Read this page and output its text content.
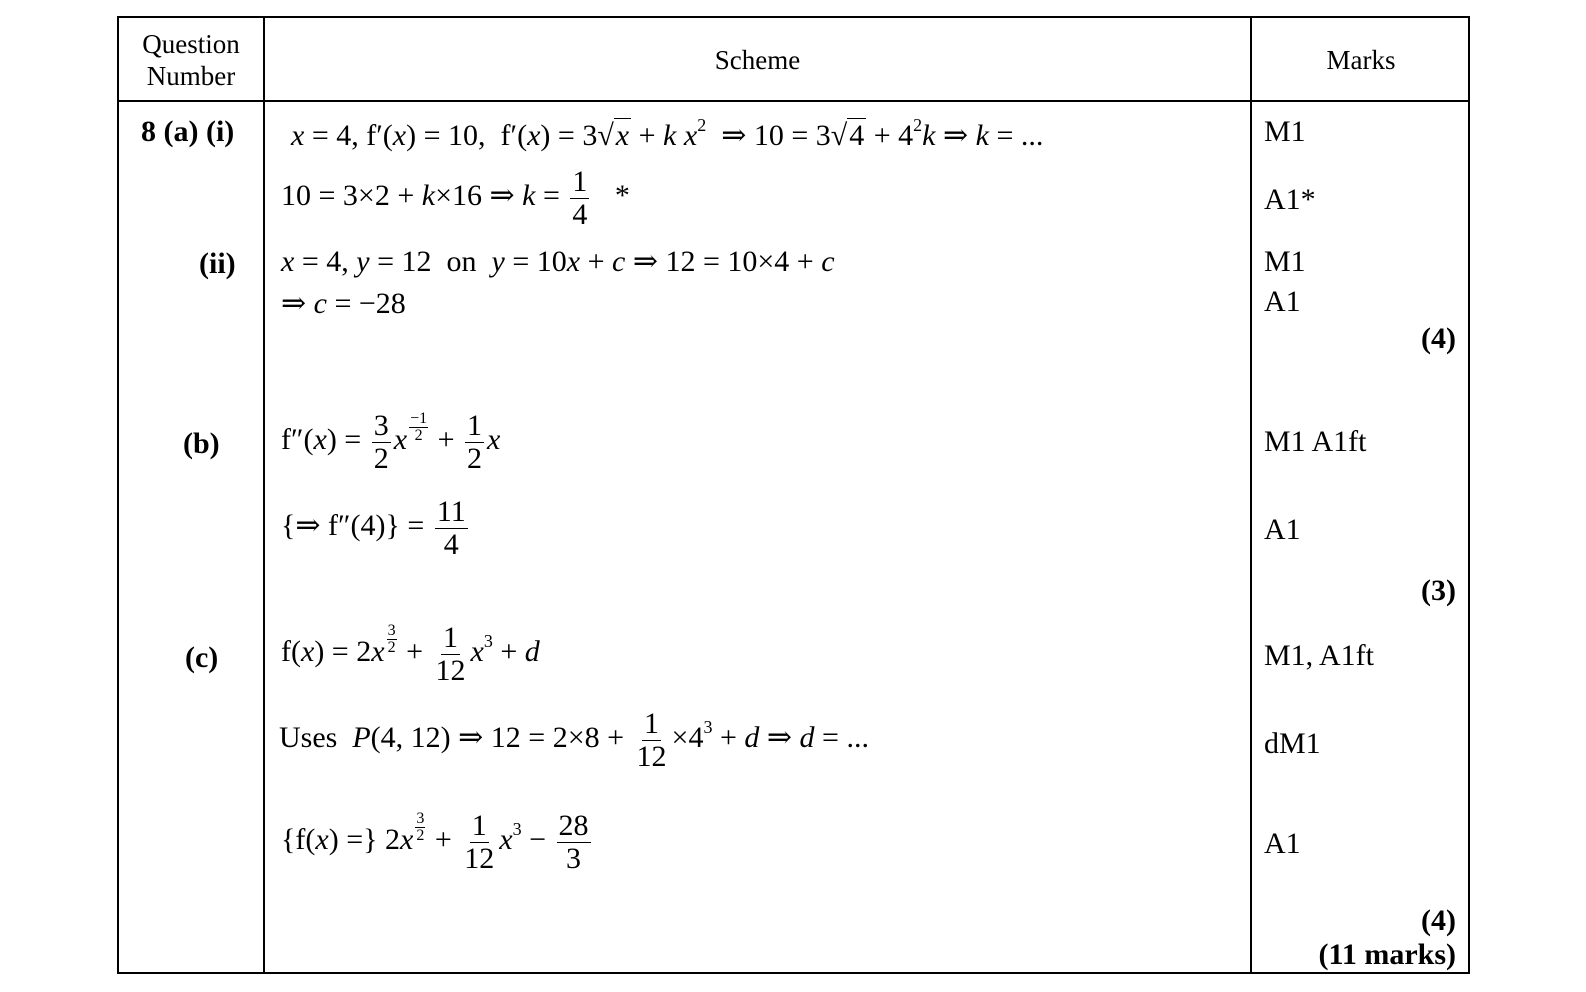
Question
Number
Scheme	Marks
8 (a) (i)
(ii)
(b)
(c)
x = 4, f′(x) = 10,  f′(x) = 3√x + k $x^2$  ⇒ $10 = 3√4 + 4^2k$ ⇒ k = ...
10 = 3×2 + k×16 ⇒ $k = \frac{1}{4}$ *
x = 4, y = 12  on  y = 10x + c ⇒ 12 = 10×4 + c
⇒ c = −28
$f''(x) = \frac{3}{2}$ x $\frac{-1}{2} + \frac{1}{2}$ x
{⇒ $f''(4)\} = \frac{11}{4}$
$f(x) = 2x \frac{3}{2} + \frac{1}{12} x^3 + d$
Uses P(4, 12) ⇒ $12 = 2\times 8 + \frac{1}{12} \times 4^3 + d$ ⇒ d = ...
{f(x) =} $2x \frac{3}{2} + \frac{1}{12} x^3 - \frac{28}{3}$
M1
A1*
M1
A1
(4)
M1 A1ft
A1
(3)
M1, A1ft
dM1
A1
(4)
(11 marks)
